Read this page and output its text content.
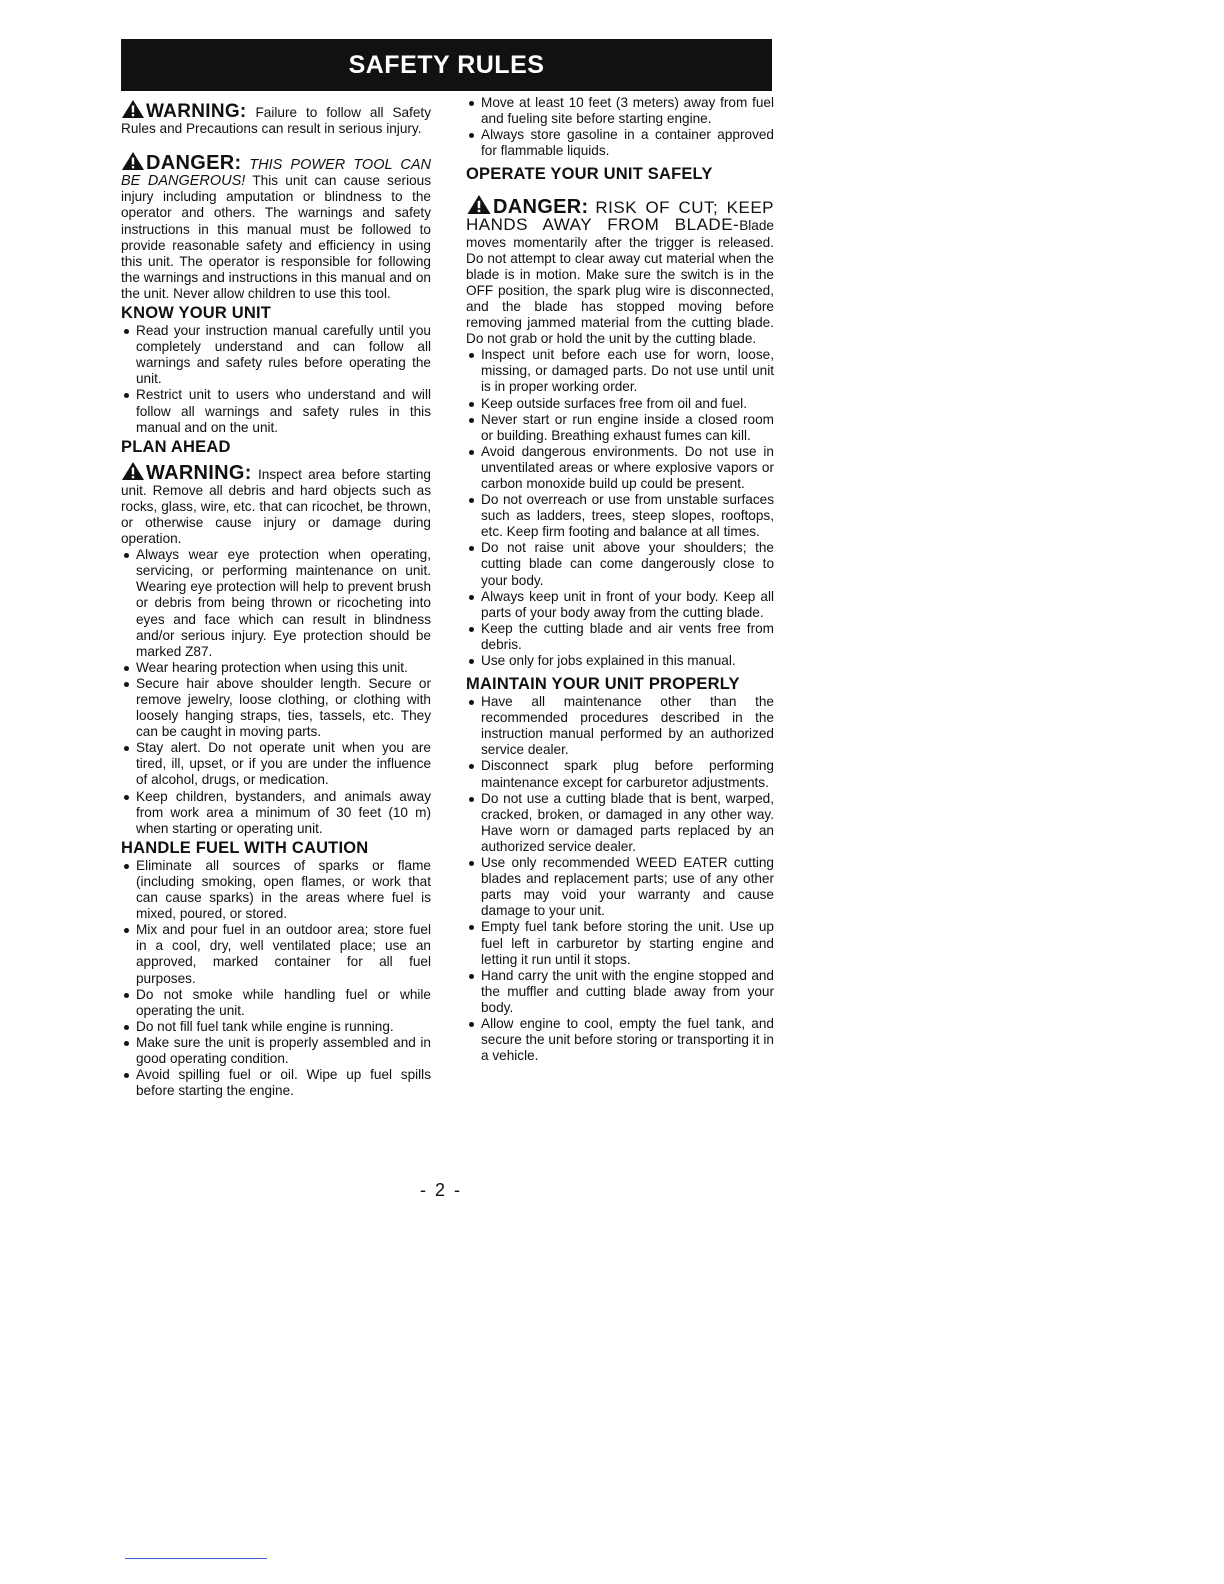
SAFETY RULES

WARNING: Failure to follow all Safety Rules and Precautions can result in serious injury.

DANGER: THIS POWER TOOL CAN BE DANGEROUS! This unit can cause serious injury including amputation or blindness to the operator and others. The warnings and safety instructions in this manual must be followed to provide reasonable safety and efficiency in using this unit. The operator is responsible for following the warnings and instructions in this manual and on the unit. Never allow children to use this tool.

KNOW YOUR UNIT
Read your instruction manual carefully until you completely understand and can follow all warnings and safety rules before operating the unit.
Restrict unit to users who understand and will follow all warnings and safety rules in this manual and on the unit.
PLAN AHEAD

WARNING: Inspect area before starting unit. Remove all debris and hard objects such as rocks, glass, wire, etc. that can ricochet, be thrown, or otherwise cause injury or damage during operation.

Always wear eye protection when operating, servicing, or performing maintenance on unit. Wearing eye protection will help to prevent brush or debris from being thrown or ricocheting into eyes and face which can result in blindness and/or serious injury. Eye protection should be marked Z87.
Wear hearing protection when using this unit.
Secure hair above shoulder length. Secure or remove jewelry, loose clothing, or clothing with loosely hanging straps, ties, tassels, etc. They can be caught in moving parts.
Stay alert. Do not operate unit when you are tired, ill, upset, or if you are under the influence of alcohol, drugs, or medication.
Keep children, bystanders, and animals away from work area a minimum of 30 feet (10 m) when starting or operating unit.
HANDLE FUEL WITH CAUTION
Eliminate all sources of sparks or flame (including smoking, open flames, or work that can cause sparks) in the areas where fuel is mixed, poured, or stored.
Mix and pour fuel in an outdoor area; store fuel in a cool, dry, well ventilated place; use an approved, marked container for all fuel purposes.
Do not smoke while handling fuel or while operating the unit.
Do not fill fuel tank while engine is running.
Make sure the unit is properly assembled and in good operating condition.
Avoid spilling fuel or oil. Wipe up fuel spills before starting the engine.
Move at least 10 feet (3 meters) away from fuel and fueling site before starting engine.
Always store gasoline in a container approved for flammable liquids.
OPERATE YOUR UNIT SAFELY

DANGER: RISK OF CUT; KEEP HANDS AWAY FROM BLADE-Blade moves momentarily after the trigger is released. Do not attempt to clear away cut material when the blade is in motion. Make sure the switch is in the OFF position, the spark plug wire is disconnected, and the blade has stopped moving before removing jammed material from the cutting blade. Do not grab or hold the unit by the cutting blade.

Inspect unit before each use for worn, loose, missing, or damaged parts. Do not use until unit is in proper working order.
Keep outside surfaces free from oil and fuel.
Never start or run engine inside a closed room or building. Breathing exhaust fumes can kill.
Avoid dangerous environments. Do not use in unventilated areas or where explosive vapors or carbon monoxide build up could be present.
Do not overreach or use from unstable surfaces such as ladders, trees, steep slopes, rooftops, etc. Keep firm footing and balance at all times.
Do not raise unit above your shoulders; the cutting blade can come dangerously close to your body.
Always keep unit in front of your body. Keep all parts of your body away from the cutting blade.
Keep the cutting blade and air vents free from debris.
Use only for jobs explained in this manual.
MAINTAIN YOUR UNIT PROPERLY
Have all maintenance other than the recommended procedures described in the instruction manual performed by an authorized service dealer.
Disconnect spark plug before performing maintenance except for carburetor adjustments.
Do not use a cutting blade that is bent, warped, cracked, broken, or damaged in any other way. Have worn or damaged parts replaced by an authorized service dealer.
Use only recommended WEED EATER cutting blades and replacement parts; use of any other parts may void your warranty and cause damage to your unit.
Empty fuel tank before storing the unit. Use up fuel left in carburetor by starting engine and letting it run until it stops.
Hand carry the unit with the engine stopped and the muffler and cutting blade away from your body.
Allow engine to cool, empty the fuel tank, and secure the unit before storing or transporting it in a vehicle.
- 2 -
